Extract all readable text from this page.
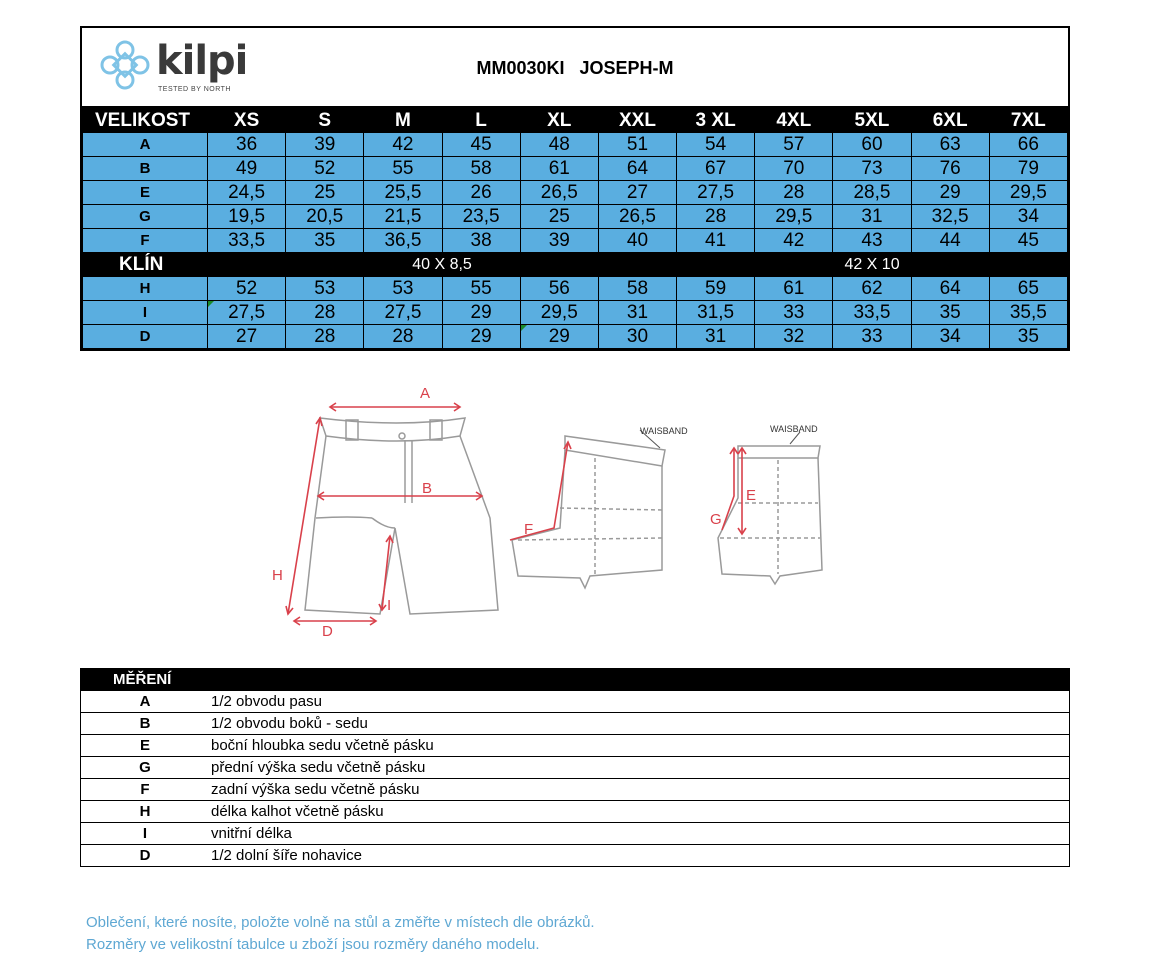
kilpi
TESTED BY NORTH
MM0030KI   JOSEPH-M
VELIKOST	XS	S	M	L	XL	XXL	3 XL	4XL	5XL	6XL	7XL
A	36	39	42	45	48	51	54	57	60	63	66
B	49	52	55	58	61	64	67	70	73	76	79
E	24,5	25	25,5	26	26,5	27	27,5	28	28,5	29	29,5
G	19,5	20,5	21,5	23,5	25	26,5	28	29,5	31	32,5	34
F	33,5	35	36,5	38	39	40	41	42	43	44	45
KLÍN	40 X 8,5						42 X 10				
H	52	53	53	55	56	58	59	61	62	64	65
I	27,5	28	27,5	29	29,5	31	31,5	33	33,5	35	35,5
D	27	28	28	29	29	30	31	32	33	34	35
A
B
H
I
D
F
WAISBAND
E
G
WAISBAND
MĚŘENÍ
A	1/2 obvodu pasu
B	1/2 obvodu boků - sedu
E	boční hloubka sedu včetně pásku
G	přední výška sedu včetně pásku
F	zadní výška sedu včetně pásku
H	délka kalhot včetně pásku
I	vnitřní délka
D	1/2 dolní šíře nohavice
Oblečení, které nosíte, položte volně na stůl a změřte v místech dle obrázků.
Rozměry ve velikostní tabulce u zboží jsou rozměry daného modelu.
